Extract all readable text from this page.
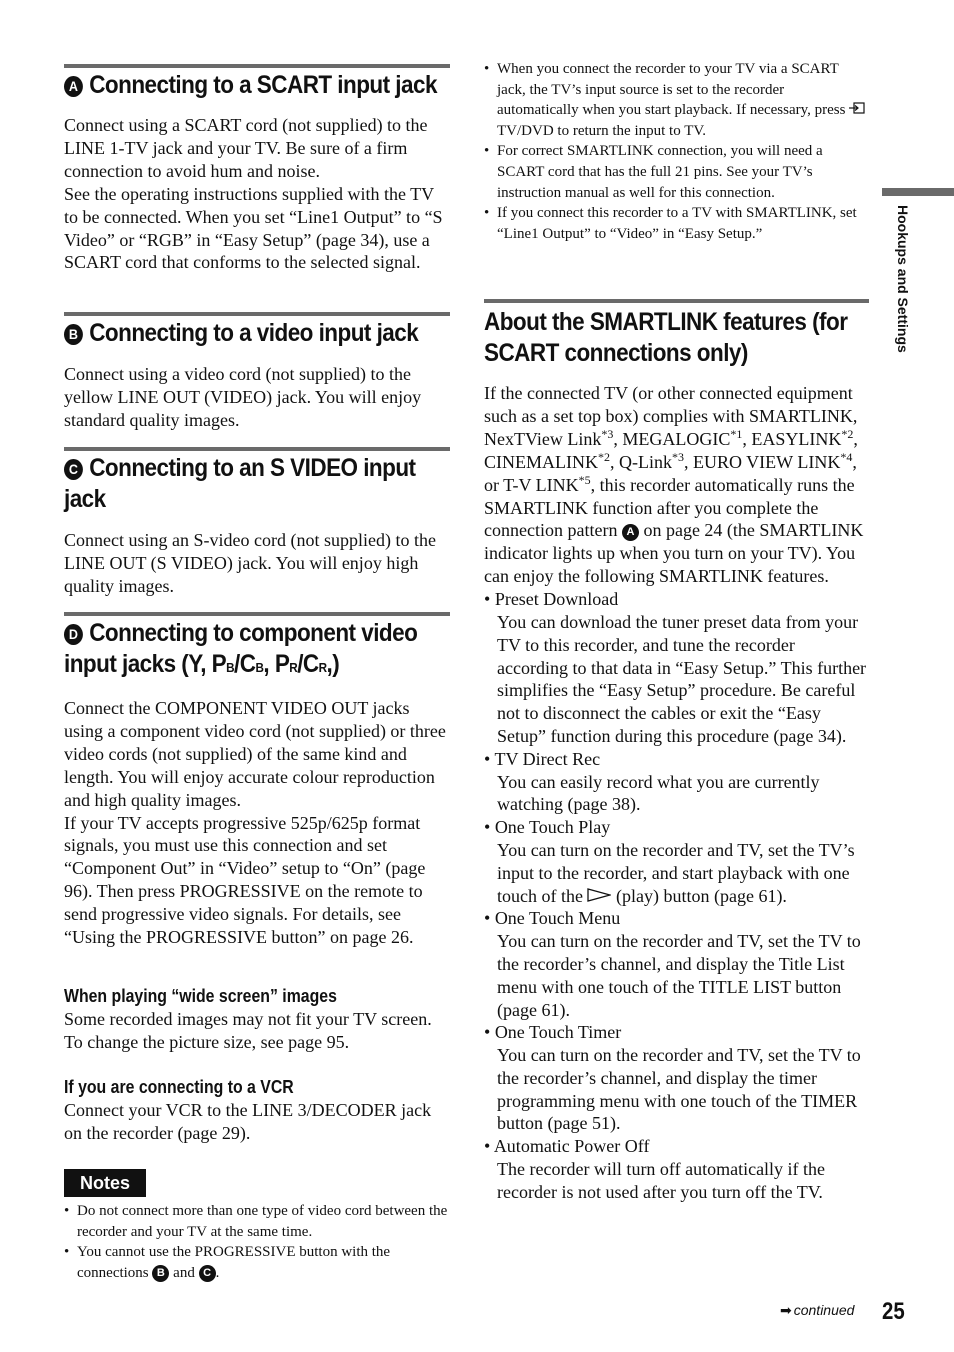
A Connecting to a SCART input jack

Connect using a SCART cord (not supplied) to the LINE 1-TV jack and your TV. Be sure of a firm connection to avoid hum and noise.

See the operating instructions supplied with the TV to be connected. When you set “Line1 Output” to “S Video” or “RGB” in “Easy Setup” (page 34), use a SCART cord that conforms to the selected signal.

B Connecting to a video input jack

Connect using a video cord (not supplied) to the yellow LINE OUT (VIDEO) jack. You will enjoy standard quality images.

C Connecting to an S VIDEO input jack

Connect using an S-video cord (not supplied) to the LINE OUT (S VIDEO) jack. You will enjoy high quality images.

D Connecting to component video input jacks (Y, PB/CB, PR/CR,)

Connect the COMPONENT VIDEO OUT jacks using a component video cord (not supplied) or three video cords (not supplied) of the same kind and length. You will enjoy accurate colour reproduction and high quality images.

If your TV accepts progressive 525p/625p format signals, you must use this connection and set “Component Out” in “Video” setup to “On” (page 96). Then press PROGRESSIVE on the remote to send progressive video signals. For details, see “Using the PROGRESSIVE button” on page 26.

When playing “wide screen” images

Some recorded images may not fit your TV screen. To change the picture size, see page 95.

If you are connecting to a VCR

Connect your VCR to the LINE 3/DECODER jack on the recorder (page 29).

Notes
• Do not connect more than one type of video cord between the recorder and your TV at the same time.
• You cannot use the PROGRESSIVE button with the connections B and C .
• When you connect the recorder to your TV via a SCART jack, the TV’s input source is set to the recorder automatically when you start playback. If necessary, press  TV/DVD to return the input to TV.
• For correct SMARTLINK connection, you will need a SCART cord that has the full 21 pins. See your TV’s instruction manual as well for this connection.
• If you connect this recorder to a TV with SMARTLINK, set “Line1 Output” to “Video” in “Easy Setup.”
About the SMARTLINK features (for SCART connections only)

If the connected TV (or other connected equipment such as a set top box) complies with SMARTLINK, NexTView Link$^{*3}$, MEGALOGIC$^{*1}$, EASYLINK$^{*2}$, CINEMALINK$^{*2}$, Q-Link$^{*3}$, EURO VIEW LINK$^{*4}$, or T-V LINK$^{*5}$, this recorder automatically runs the SMARTLINK function after you complete the connection pattern A on page 24 (the SMARTLINK indicator lights up when you turn on your TV). You can enjoy the following SMARTLINK features.

• Preset Download
You can download the tuner preset data from your TV to this recorder, and tune the recorder according to that data in “Easy Setup.” This further simplifies the “Easy Setup” procedure. Be careful not to disconnect the cables or exit the “Easy Setup” function during this procedure (page 34).
• TV Direct Rec
You can easily record what you are currently watching (page 38).
• One Touch Play
You can turn on the recorder and TV, set the TV’s input to the recorder, and start playback with one touch of the (play) button (page 61).
• One Touch Menu
You can turn on the recorder and TV, set the TV to the recorder’s channel, and display the Title List menu with one touch of the TITLE LIST button (page 61).
• One Touch Timer
You can turn on the recorder and TV, set the TV to the recorder’s channel, and display the timer programming menu with one touch of the TIMER button (page 51).
• Automatic Power Off
The recorder will turn off automatically if the recorder is not used after you turn off the TV.
Hookups and Settings
➡ continued 25
